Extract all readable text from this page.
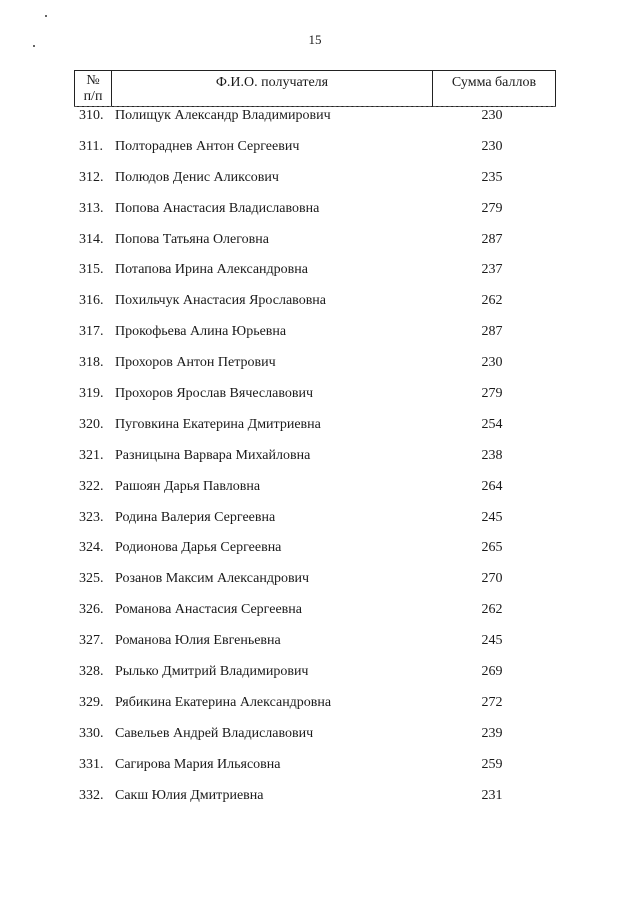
15
№
п/п
Ф.И.О. получателя	Сумма баллов
310. Полищук Александр Владимирович	230
311. Полтораднев Антон Сергеевич	230
312. Полюдов Денис Аликсович	235
313. Попова Анастасия Владиславовна	279
314. Попова Татьяна Олеговна	287
315. Потапова Ирина Александровна	237
316. Похильчук Анастасия Ярославовна	262
317. Прокофьева Алина Юрьевна	287
318. Прохоров Антон Петрович	230
319. Прохоров Ярослав Вячеславович	279
320. Пуговкина Екатерина Дмитриевна	254
321. Разницына Варвара Михайловна	238
322. Рашоян Дарья Павловна	264
323. Родина Валерия Сергеевна	245
324. Родионова Дарья Сергеевна	265
325. Розанов Максим Александрович	270
326. Романова Анастасия Сергеевна	262
327. Романова Юлия Евгеньевна	245
328. Рылько Дмитрий Владимирович	269
329. Рябикина Екатерина Александровна	272
330. Савельев Андрей Владиславович	239
331. Сагирова Мария Ильясовна	259
332. Сакш Юлия Дмитриевна	231
